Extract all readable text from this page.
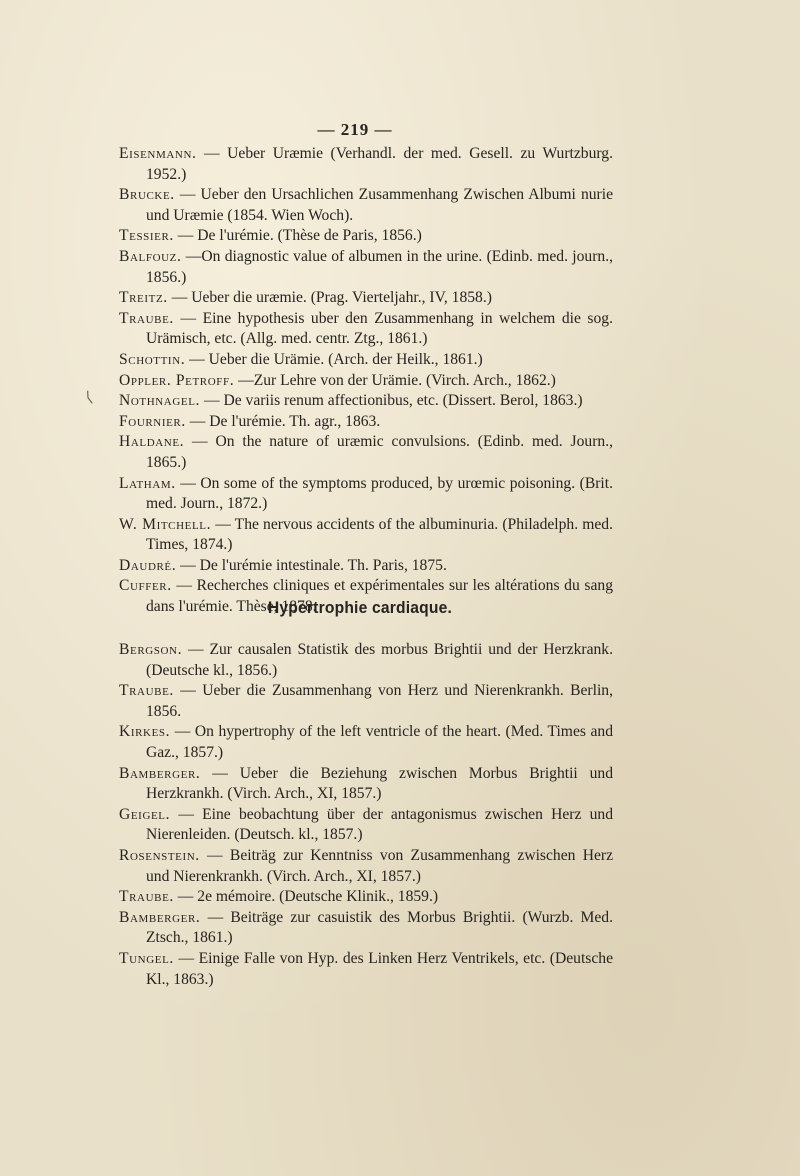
⟨
— 219 —

Eisenmann. — Ueber Uræmie (Verhandl. der med. Gesell. zu Wurtzburg. 1952.)

Brucke. — Ueber den Ursachlichen Zusammenhang Zwischen Albumi nurie und Uræmie (1854. Wien Woch).

Tessier. — De l'urémie. (Thèse de Paris, 1856.)

Balfouz. —On diagnostic value of albumen in the urine. (Edinb. med. journ., 1856.)

Treitz. — Ueber die uræmie. (Prag. Vierteljahr., IV, 1858.)

Traube. — Eine hypothesis uber den Zusammenhang in welchem die sog. Urämisch, etc. (Allg. med. centr. Ztg., 1861.)

Schottin. — Ueber die Urämie. (Arch. der Heilk., 1861.)

Oppler. Petroff. —Zur Lehre von der Urämie. (Virch. Arch., 1862.)

Nothnagel. — De variis renum affectionibus, etc. (Dissert. Berol, 1863.)

Fournier. — De l'urémie. Th. agr., 1863.

Haldane. — On the nature of uræmic convulsions. (Edinb. med. Journ., 1865.)

Latham. — On some of the symptoms produced, by urœmic poisoning. (Brit. med. Journ., 1872.)

W. Mitchell. — The nervous accidents of the albuminuria. (Philadelph. med. Times, 1874.)

Daudré. — De l'urémie intestinale. Th. Paris, 1875.

Cuffer. — Recherches cliniques et expérimentales sur les altérations du sang dans l'urémie. Thèse, 1878.

Hypertrophie cardiaque.

Bergson. — Zur causalen Statistik des morbus Brightii und der Herzkrank. (Deutsche kl., 1856.)

Traube. — Ueber die Zusammenhang von Herz und Nierenkrankh. Berlin, 1856.

Kirkes. — On hypertrophy of the left ventricle of the heart. (Med. Times and Gaz., 1857.)

Bamberger. — Ueber die Beziehung zwischen Morbus Brightii und Herzkrankh. (Virch. Arch., XI, 1857.)

Geigel. — Eine beobachtung über der antagonismus zwischen Herz und Nierenleiden. (Deutsch. kl., 1857.)

Rosenstein. — Beiträg zur Kenntniss von Zusammenhang zwischen Herz und Nierenkrankh. (Virch. Arch., XI, 1857.)

Traube. — 2e mémoire. (Deutsche Klinik., 1859.)

Bamberger. — Beiträge zur casuistik des Morbus Brightii. (Wurzb. Med. Ztsch., 1861.)

Tungel. — Einige Falle von Hyp. des Linken Herz Ventrikels, etc. (Deutsche Kl., 1863.)
